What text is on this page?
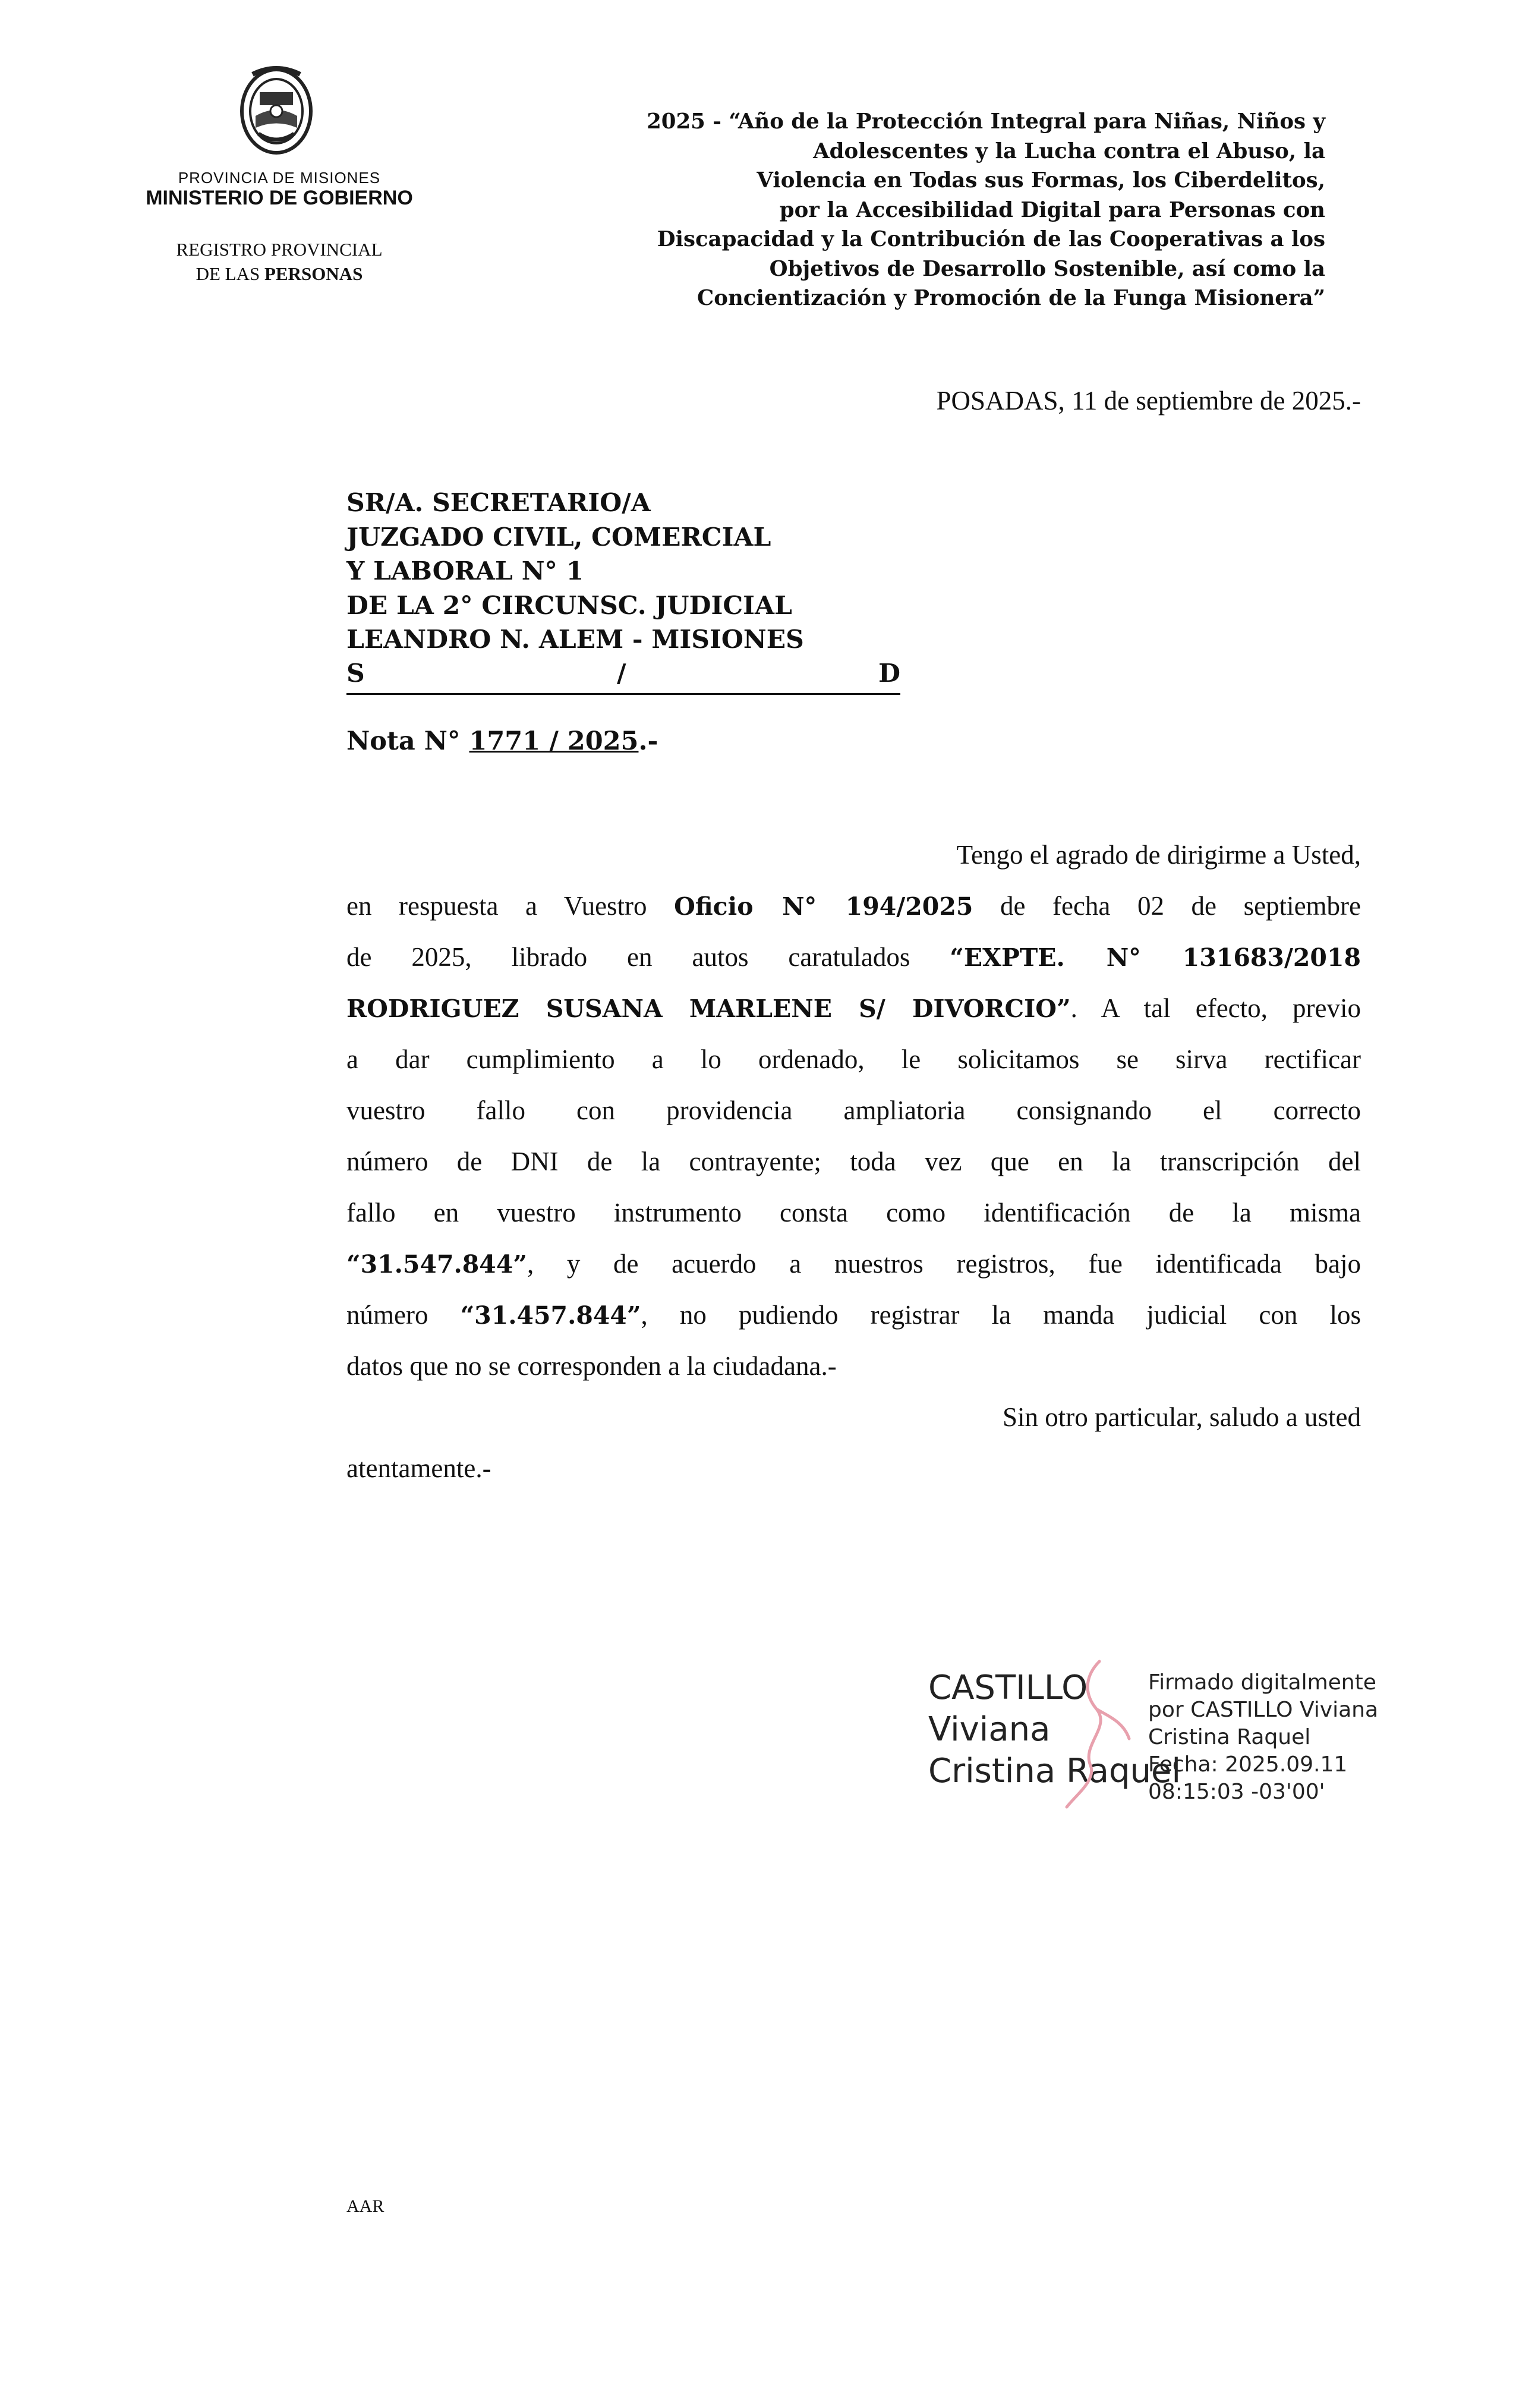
PROVINCIA DE MISIONES
MINISTERIO DE GOBIERNO
REGISTRO PROVINCIAL
DE LAS PERSONAS
2025 - “Año de la Protección Integral para Niñas, Niños y
Adolescentes y la Lucha contra el Abuso, la
Violencia en Todas sus Formas, los Ciberdelitos,
por la Accesibilidad Digital para Personas con
Discapacidad y la Contribución de las Cooperativas a los
Objetivos de Desarrollo Sostenible, así como la
Concientización y Promoción de la Funga Misionera”
POSADAS, 11 de septiembre de 2025.-
SR/A. SECRETARIO/A
JUZGADO CIVIL, COMERCIAL
Y LABORAL N° 1
DE LA 2° CIRCUNSC. JUDICIAL
LEANDRO N. ALEM - MISIONES
S	/	D
Nota N° 1771 / 2025.-
Tengo el agrado de dirigirme a Usted,
en respuesta a Vuestro Oficio N° 194/2025 de fecha 02 de septiembre
de 2025, librado en autos caratulados “EXPTE. N° 131683/2018
RODRIGUEZ SUSANA MARLENE S/ DIVORCIO”. A tal efecto, previo
a dar cumplimiento a lo ordenado, le solicitamos se sirva rectificar
vuestro fallo con providencia ampliatoria consignando el correcto
número de DNI de la contrayente; toda vez que en la transcripción del
fallo en vuestro instrumento consta como identificación de la misma
“31.547.844”, y de acuerdo a nuestros registros, fue identificada bajo
número “31.457.844”, no pudiendo registrar la manda judicial con los
datos que no se corresponden a la ciudadana.-
Sin otro particular, saludo a usted
atentamente.-
CASTILLO
Viviana
Cristina Raquel
Firmado digitalmente
por CASTILLO Viviana
Cristina Raquel
Fecha: 2025.09.11
08:15:03 -03'00'
AAR
